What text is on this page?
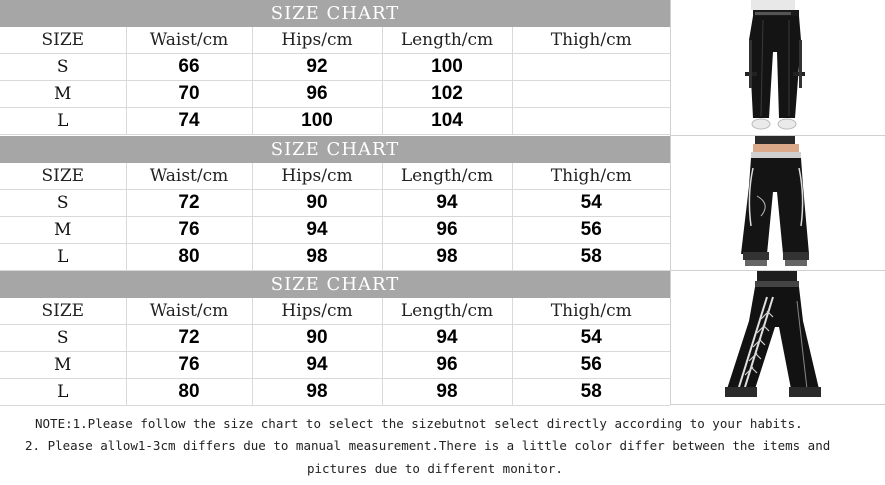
SIZE CHART
SIZE	Waist/cm	Hips/cm	Length/cm	Thigh/cm
S	66	92	100	
M	70	96	102	
L	74	100	104	
SIZE CHART
SIZE	Waist/cm	Hips/cm	Length/cm	Thigh/cm
S	72	90	94	54
M	76	94	96	56
L	80	98	98	58
SIZE CHART
SIZE	Waist/cm	Hips/cm	Length/cm	Thigh/cm
S	72	90	94	54
M	76	94	96	56
L	80	98	98	58
NOTE:1.Please follow the size chart to select the sizebutnot select directly according to your habits.
2. Please allow1-3cm differs due to manual measurement.There is a little color differ between the items and
pictures due to different monitor.
